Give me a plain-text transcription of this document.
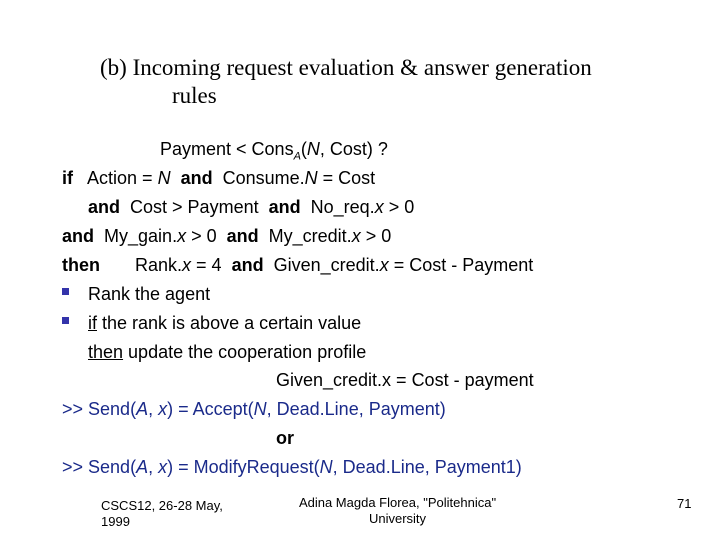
(b) Incoming request evaluation & answer generation
rules
Payment < Cons$_A$(N, Cost) ?
if Action = N and Consume.N = Cost
and Cost > Payment and No_req.x > 0
and My_gain.x > 0 and My_credit.x > 0
then Rank.x = 4 and Given_credit.x = Cost - Payment
Rank the agent
if the rank is above a certain value
then update the cooperation profile
Given_credit.x = Cost - payment
>> Send(A, x) = Accept(N, Dead.Line, Payment)
or
>> Send(A, x) = ModifyRequest(N, Dead.Line, Payment1)
CSCS12, 26-28 May,
1999
Adina Magda Florea, "Politehnica"
University
71
